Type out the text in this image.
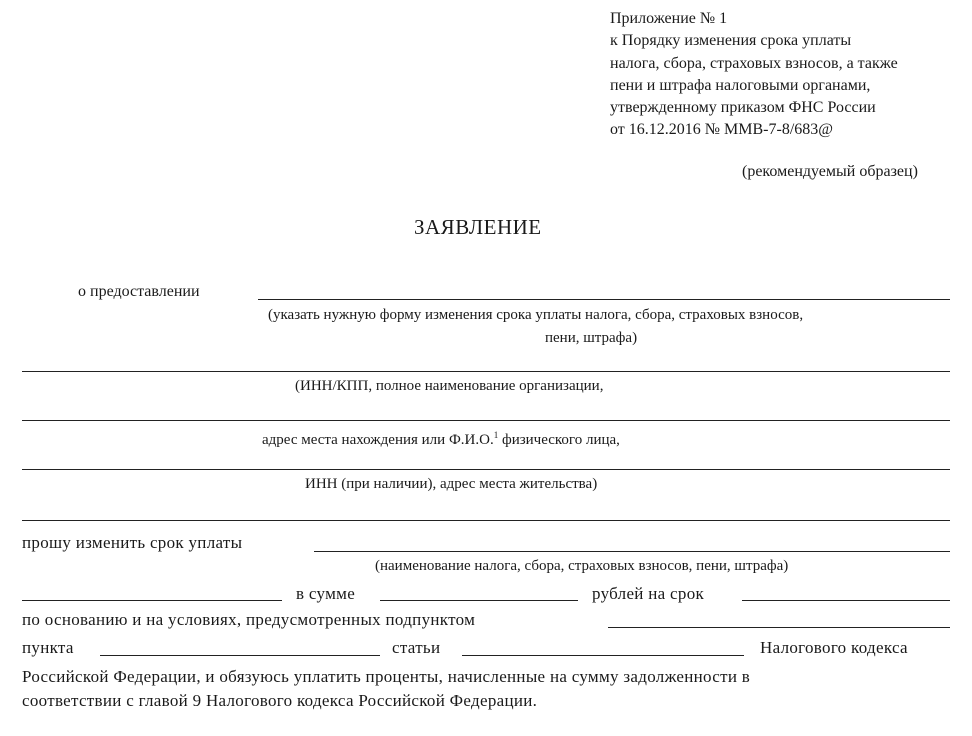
Приложение № 1
к Порядку изменения срока уплаты
налога, сбора, страховых взносов, а также
пени и штрафа налоговыми органами,
утвержденному приказом ФНС России
от 16.12.2016 № ММВ-7-8/683@
(рекомендуемый образец)
ЗАЯВЛЕНИЕ
о предоставлении
(указать нужную форму изменения срока уплаты налога, сбора, страховых взносов,
пени, штрафа)
(ИНН/КПП, полное наименование организации,
адрес места нахождения или Ф.И.О.$^1$ физического лица,
ИНН (при наличии), адрес места жительства)
прошу изменить срок уплаты
(наименование налога, сбора, страховых взносов, пени, штрафа)
в сумме	рублей на срок
по основанию и на условиях, предусмотренных подпунктом
пункта	статьи	Налогового кодекса
Российской Федерации, и обязуюсь уплатить проценты, начисленные на сумму задолженности в
соответствии с главой 9 Налогового кодекса Российской Федерации.
